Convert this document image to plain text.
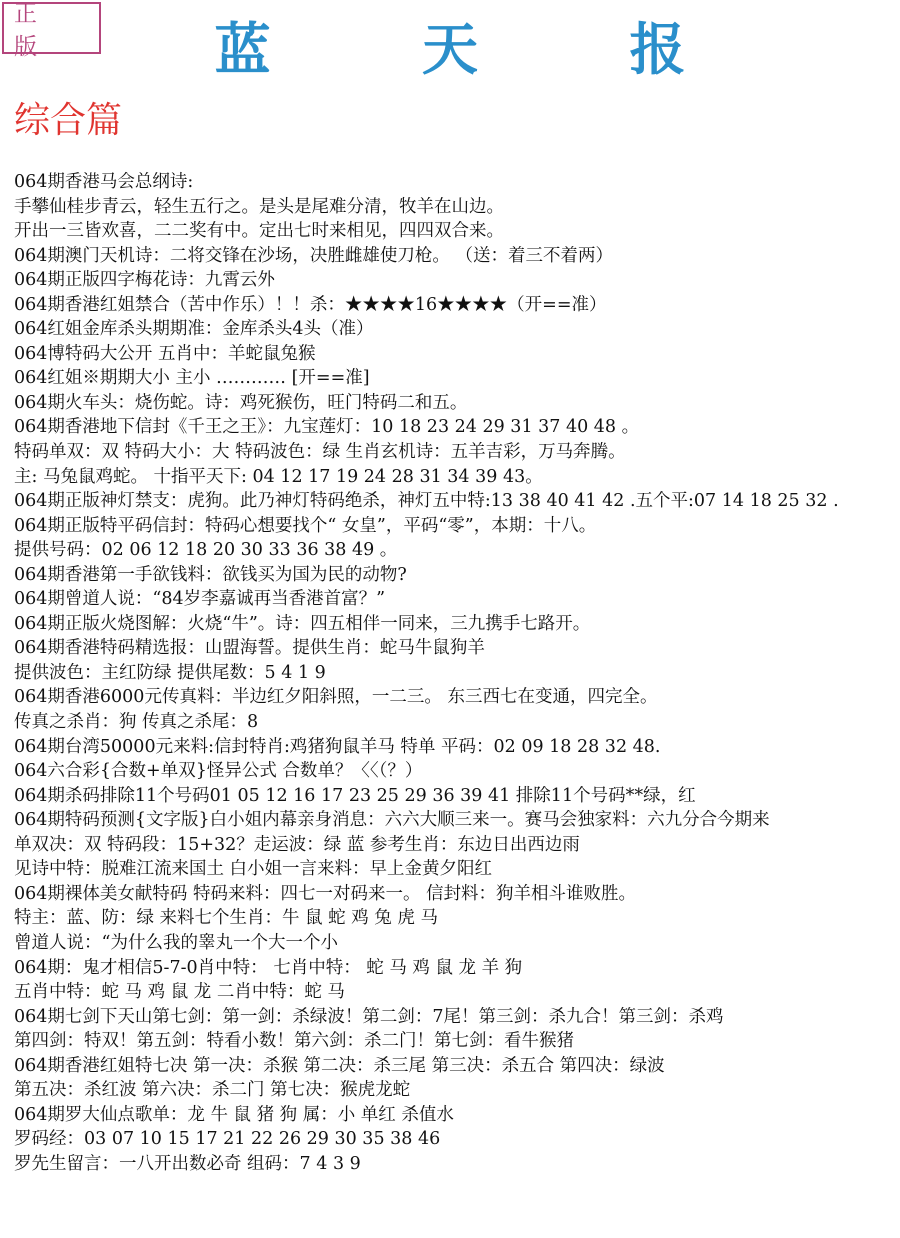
正 版	蓝 天 报
综合篇
064期香港马会总纲诗:
手攀仙桂步青云，轻生五行之。是头是尾难分清，牧羊在山边。
开出一三皆欢喜，二二奖有中。定出七时来相见，四四双合来。
064期澳门天机诗：二将交锋在沙场，决胜雌雄使刀枪。 （送：着三不着两）
064期正版四字梅花诗：九霄云外
064期香港红姐禁合（苦中作乐）！！杀：★★★★16★★★★（开==准）
064红姐金库杀头期期准：金库杀头4头（准）
064博特码大公开 五肖中：羊蛇鼠兔猴
064红姐※期期大小 主小 ………… [开==准]
064期火车头：烧伤蛇。诗：鸡死猴伤，旺门特码二和五。
064期香港地下信封《千王之王》：九宝莲灯：10 18 23 24 29 31 37 40 48 。
特码单双：双 特码大小：大 特码波色：绿 生肖玄机诗：五羊吉彩，万马奔腾。
主: 马兔鼠鸡蛇。 十指平天下: 04 12 17 19 24 28 31 34 39 43。
064期正版神灯禁支：虎狗。此乃神灯特码绝杀，神灯五中特:13 38 40 41 42 .五个平:07 14 18 25 32 .
064期正版特平码信封：特码心想要找个“ 女皇”，平码“零”，本期：十八。
提供号码：02 06 12 18 20 30 33 36 38 49 。
064期香港第一手欲钱料：欲钱买为国为民的动物?
064期曾道人说：“84岁李嘉诚再当香港首富？”
064期正版火烧图解：火烧“牛”。诗：四五相伴一同来，三九携手七路开。
064期香港特码精选报：山盟海誓。提供生肖：蛇马牛鼠狗羊
提供波色：主红防绿 提供尾数：5 4 1 9
064期香港6000元传真料：半边红夕阳斜照，一二三。 东三西七在变通，四完全。
传真之杀肖：狗 传真之杀尾：8
064期台湾50000元来料:信封特肖:鸡猪狗鼠羊马 特单 平码：02 09 18 28 32 48.
064六合彩{合数+单双}怪异公式 合数单？〈〈（？）
064期杀码排除11个号码01 05 12 16 17 23 25 29 36 39 41 排除11个号码**绿，红
064期特码预测{文字版}白小姐内幕亲身消息：六六大顺三来一。赛马会独家料：六九分合今期来
单双决：双 特码段：15+32？走运波：绿 蓝 参考生肖：东边日出西边雨
见诗中特：脱难江流来国土 白小姐一言来料：早上金黄夕阳红
064期裸体美女献特码 特码来料：四七一对码来一。 信封料：狗羊相斗谁败胜。
特主：蓝、防：绿 来料七个生肖：牛 鼠 蛇 鸡 兔 虎 马
曾道人说：“为什么我的睾丸一个大一个小
064期：鬼才相信5-7-0肖中特： 七肖中特： 蛇 马 鸡 鼠 龙 羊 狗
五肖中特：蛇 马 鸡 鼠 龙 二肖中特：蛇 马
064期七剑下天山第七剑：第一剑：杀绿波！第二剑：7尾！第三剑：杀九合！第三剑：杀鸡
第四剑：特双！第五剑：特看小数！第六剑：杀二门！第七剑：看牛猴猪
064期香港红姐特七决 第一决：杀猴 第二决：杀三尾 第三决：杀五合 第四决：绿波
第五决：杀红波 第六决：杀二门 第七决：猴虎龙蛇
064期罗大仙点歌单：龙 牛 鼠 猪 狗 属：小 单红 杀值水
罗码经：03 07 10 15 17 21 22 26 29 30 35 38 46
罗先生留言：一八开出数必奇 组码：7 4 3 9
